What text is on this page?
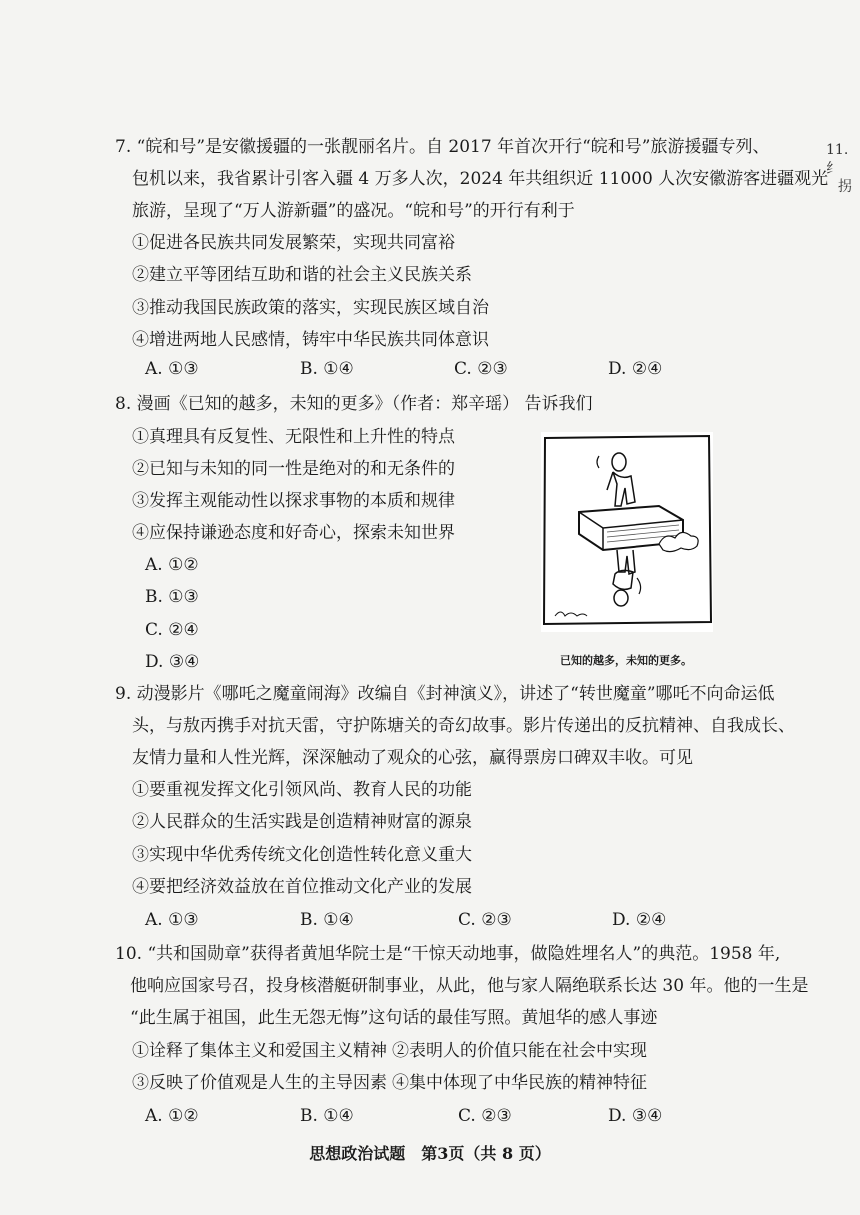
11. 纟
拐
7. “皖和号”是安徽援疆的一张靓丽名片。自 2017 年首次开行“皖和号”旅游援疆专列、
包机以来，我省累计引客入疆 4 万多人次，2024 年共组织近 11000 人次安徽游客进疆观光
旅游，呈现了“万人游新疆”的盛况。“皖和号”的开行有利于
①促进各民族共同发展繁荣，实现共同富裕
②建立平等团结互助和谐的社会主义民族关系
③推动我国民族政策的落实，实现民族区域自治
④增进两地人民感情，铸牢中华民族共同体意识
A. ①③	B. ①④	C. ②③	D. ②④
8. 漫画《已知的越多，未知的更多》（作者：郑辛瑶） 告诉我们
①真理具有反复性、无限性和上升性的特点
②已知与未知的同一性是绝对的和无条件的
③发挥主观能动性以探求事物的本质和规律
④应保持谦逊态度和好奇心，探索未知世界
A. ①②
B. ①③
C. ②④
D. ③④	已知的越多，未知的更多。
9. 动漫影片《哪吒之魔童闹海》改编自《封神演义》，讲述了“转世魔童”哪吒不向命运低
头，与敖丙携手对抗天雷，守护陈塘关的奇幻故事。影片传递出的反抗精神、自我成长、
友情力量和人性光辉，深深触动了观众的心弦，赢得票房口碑双丰收。可见
①要重视发挥文化引领风尚、教育人民的功能
②人民群众的生活实践是创造精神财富的源泉
③实现中华优秀传统文化创造性转化意义重大
④要把经济效益放在首位推动文化产业的发展
A. ①③	B. ①④	C. ②③	D. ②④
10. “共和国勋章”获得者黄旭华院士是“干惊天动地事，做隐姓埋名人”的典范。1958 年,
他响应国家号召，投身核潜艇研制事业，从此，他与家人隔绝联系长达 30 年。他的一生是
“此生属于祖国，此生无怨无悔”这句话的最佳写照。黄旭华的感人事迹
①诠释了集体主义和爱国主义精神 ②表明人的价值只能在社会中实现
③反映了价值观是人生的主导因素 ④集中体现了中华民族的精神特征
A. ①②	B. ①④	C. ②③	D. ③④
思想政治试题　第3页（共 8 页）
